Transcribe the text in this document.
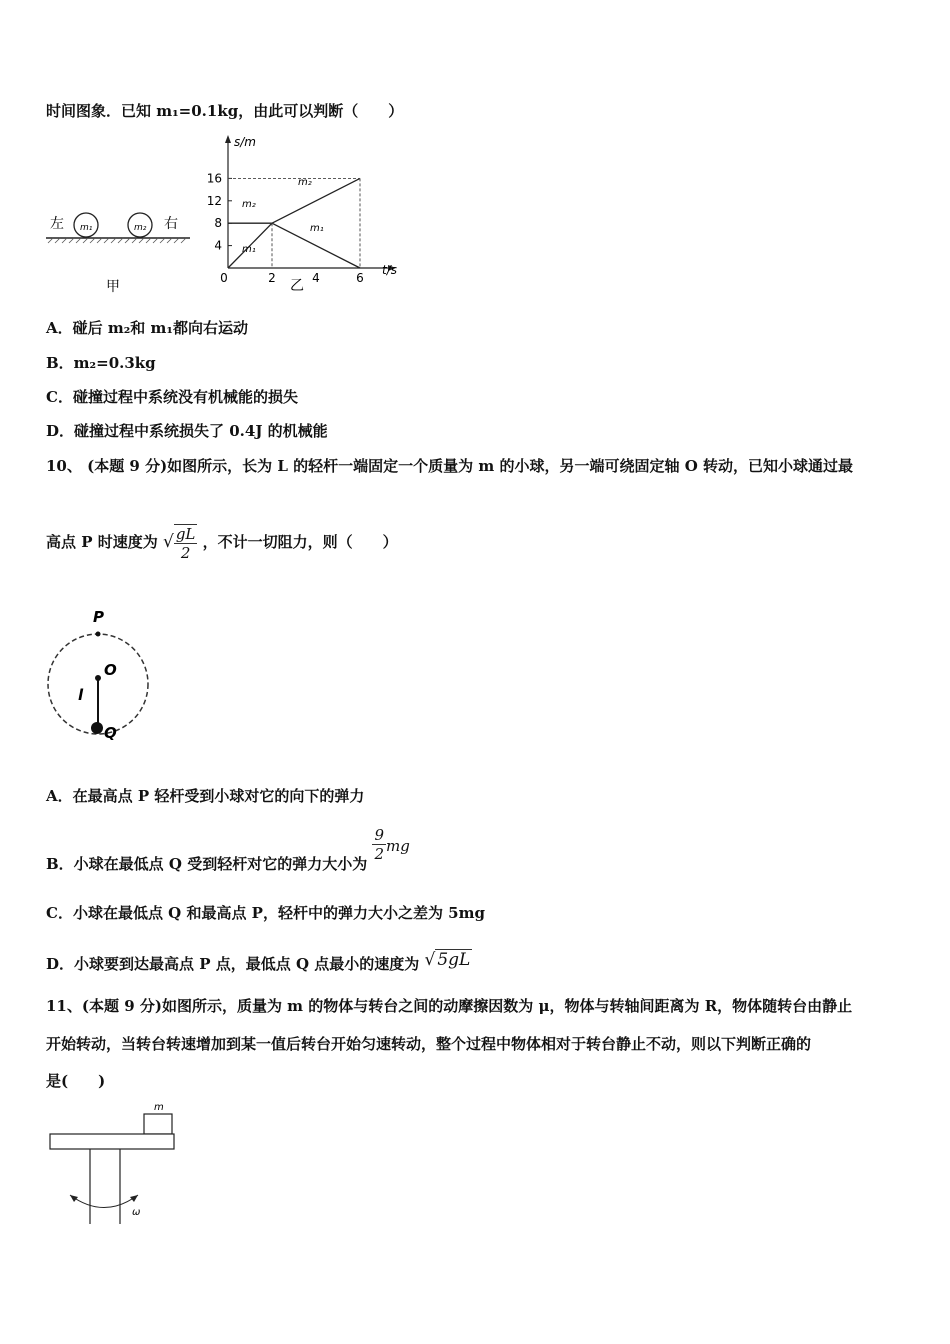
时间图象．已知 m₁=0.1kg，由此可以判断（　　）
左 m₁	m₂ 右
甲
s/m
t/s
16
12
8
4
0	2	4	6
m₂
m₂
m₁
m₁
乙
A．碰后 m₂和 m₁都向右运动
B．m₂=0.3kg
C．碰撞过程中系统没有机械能的损失
D．碰撞过程中系统损失了 0.4J 的机械能
10、 (本题 9 分)如图所示，长为 L 的轻杆一端固定一个质量为 m 的小球，另一端可绕固定轴 O 转动，已知小球通过最
高点 P 时速度为 √ $\frac{gL}{2}$ ，不计一切阻力，则（　　）
P
O
l
Q
A．在最高点 P 轻杆受到小球对它的向下的弹力
B．小球在最低点 Q 受到轻杆对它的弹力大小为
$\frac{9}{2}$ mg
C．小球在最低点 Q 和最高点 P，轻杆中的弹力大小之差为 5mg
D．小球要到达最高点 P 点，最低点 Q 点最小的速度为 √ 5gL
11、(本题 9 分)如图所示，质量为 m 的物体与转台之间的动摩擦因数为 μ，物体与转轴间距离为 R，物体随转台由静止
开始转动，当转台转速增加到某一值后转台开始匀速转动，整个过程中物体相对于转台静止不动，则以下判断正确的
是(　　)
m
ω
